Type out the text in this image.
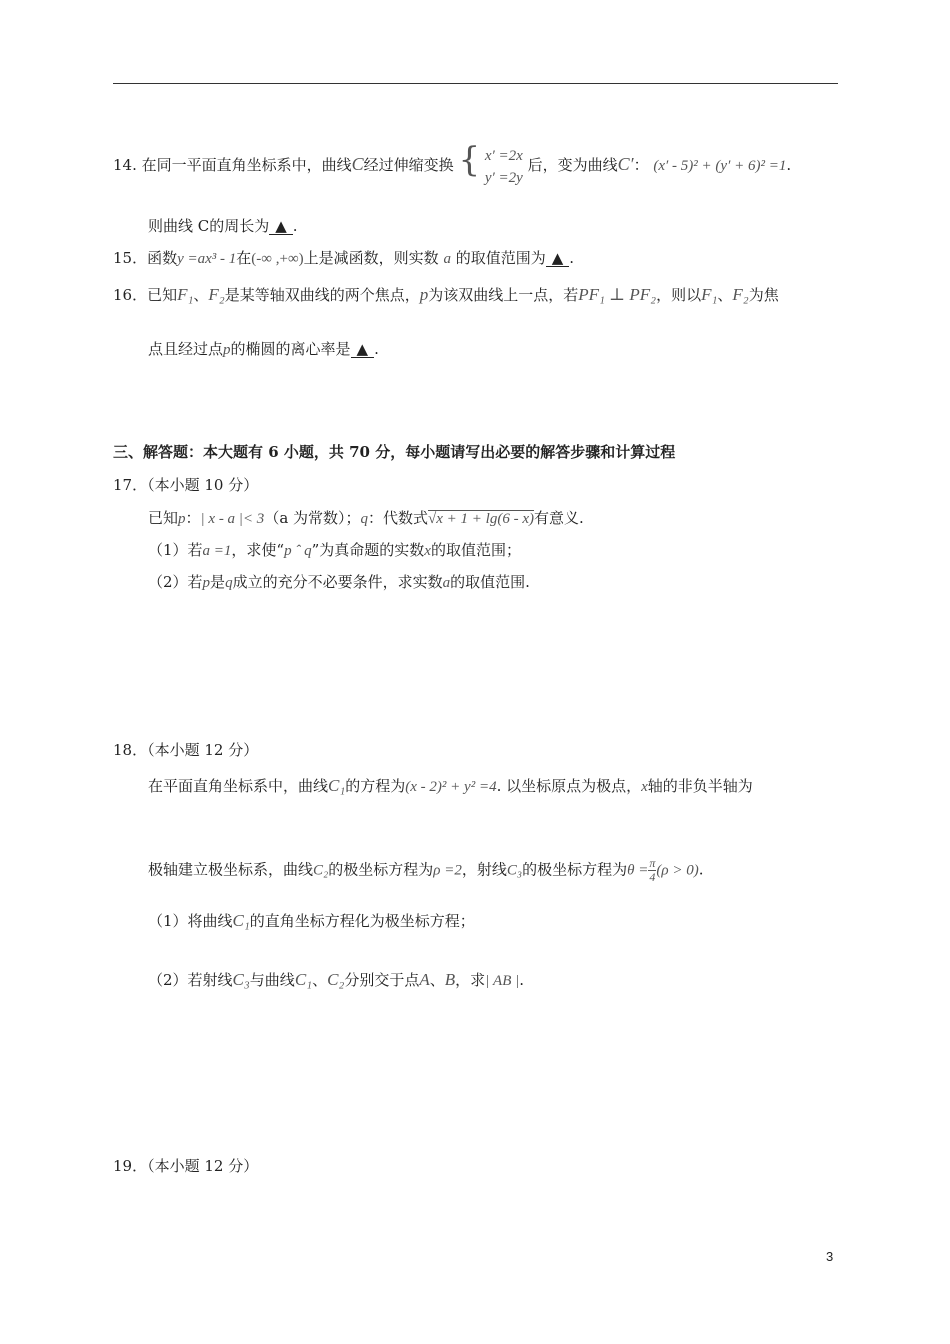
14. 在同一平面直角坐标系中，曲线C经过伸缩变换 { x′ =2x
y′ =2y
后，变为曲线C′： (x′ - 5)² + (y′ + 6)² =1.
则曲线 C的周长为 ▲ .
15．函数y =ax³ - 1在(-∞ ,+∞)上是减函数，则实数 a 的取值范围为 ▲ .
16．已知F₁、F₂是某等轴双曲线的两个焦点，p为该双曲线上一点，若PF₁ ⊥ PF₂，则以F₁、F₂为焦
点且经过点p的椭圆的离心率是 ▲ .
三、解答题：本大题有 6 小题，共 70 分，每小题请写出必要的解答步骤和计算过程
17．（本小题 10 分）
已知p：| x - a |< 3（a 为常数）；q：代数式√x + 1 + lg(6 - x)有意义.
（1）若a =1，求使“p ˆ q”为真命题的实数x的取值范围；
（2）若p是q成立的充分不必要条件，求实数a的取值范围.
18．（本小题 12 分）
在平面直角坐标系中，曲线C₁的方程为(x - 2)² + y² =4. 以坐标原点为极点，x轴的非负半轴为
极轴建立极坐标系，曲线C₂的极坐标方程为ρ =2，射线C₃的极坐标方程为$\theta = \frac{\pi}{4}(\rho > 0)$.
（1）将曲线C₁的直角坐标方程化为极坐标方程；
（2）若射线C₃与曲线C₁、C₂分别交于点A、B，求| AB |.
19．（本小题 12 分）
3
